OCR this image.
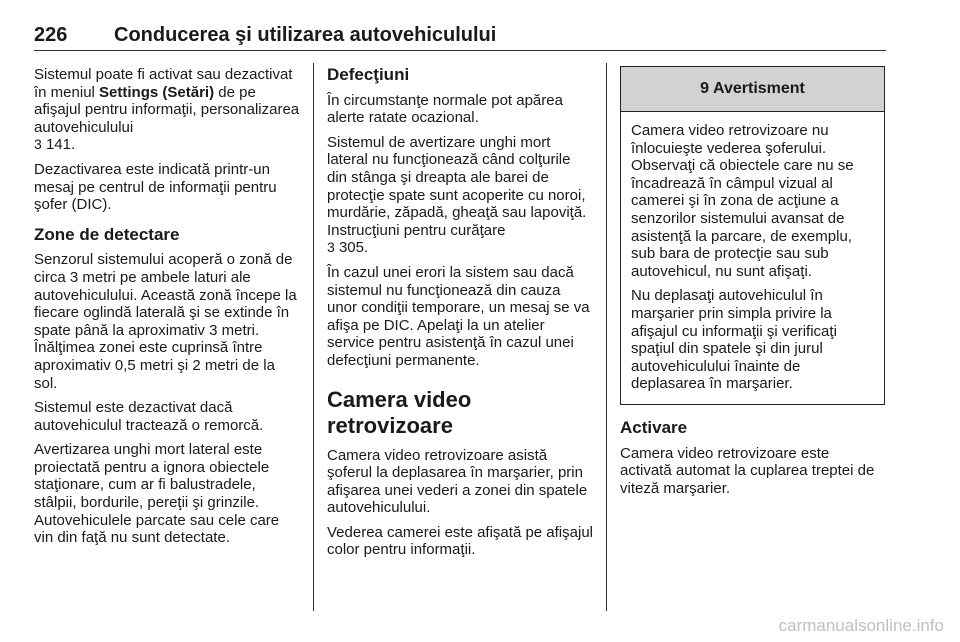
226 Conducerea şi utilizarea autovehiculului

Sistemul poate fi activat sau dezactivat în meniul Settings (Setări) de pe afişajul pentru informaţii, personalizarea autovehiculului
3 141.

Dezactivarea este indicată printr-un mesaj pe centrul de informaţii pentru şofer (DIC).

Zone de detectare

Senzorul sistemului acoperă o zonă de circa 3 metri pe ambele laturi ale autovehiculului. Această zonă începe la fiecare oglindă laterală şi se extinde în spate până la aproximativ 3 metri. Înălţimea zonei este cuprinsă între aproximativ 0,5 metri şi 2 metri de la sol.

Sistemul este dezactivat dacă autovehiculul tractează o remorcă.

Avertizarea unghi mort lateral este proiectată pentru a ignora obiectele staţionare, cum ar fi balustradele, stâlpii, bordurile, pereţii şi grinzile. Autovehiculele parcate sau cele care vin din faţă nu sunt detectate.

Defecţiuni

În circumstanţe normale pot apărea alerte ratate ocazional.

Sistemul de avertizare unghi mort lateral nu funcţionează când colţurile din stânga şi dreapta ale barei de protecţie spate sunt acoperite cu noroi, murdărie, zăpadă, gheaţă sau lapoviţă. Instrucţiuni pentru curăţare
3 305.

În cazul unei erori la sistem sau dacă sistemul nu funcţionează din cauza unor condiţii temporare, un mesaj se va afişa pe DIC. Apelaţi la un atelier service pentru asistenţă în cazul unei defecţiuni permanente.

Camera video retrovizoare

Camera video retrovizoare asistă şoferul la deplasarea în marşarier, prin afişarea unei vederi a zonei din spatele autovehiculului.

Vederea camerei este afişată pe afişajul color pentru informaţii.

9 Avertisment

Camera video retrovizoare nu înlocuieşte vederea şoferului. Observaţi că obiectele care nu se încadrează în câmpul vizual al camerei şi în zona de acţiune a senzorilor sistemului avansat de asistenţă la parcare, de exemplu, sub bara de protecţie sau sub autovehicul, nu sunt afişaţi.

Nu deplasaţi autovehiculul în marşarier prin simpla privire la afişajul cu informaţii şi verificaţi spaţiul din spatele şi din jurul autovehiculului înainte de deplasarea în marşarier.

Activare

Camera video retrovizoare este activată automat la cuplarea treptei de viteză marşarier.

carmanualsonline.info
